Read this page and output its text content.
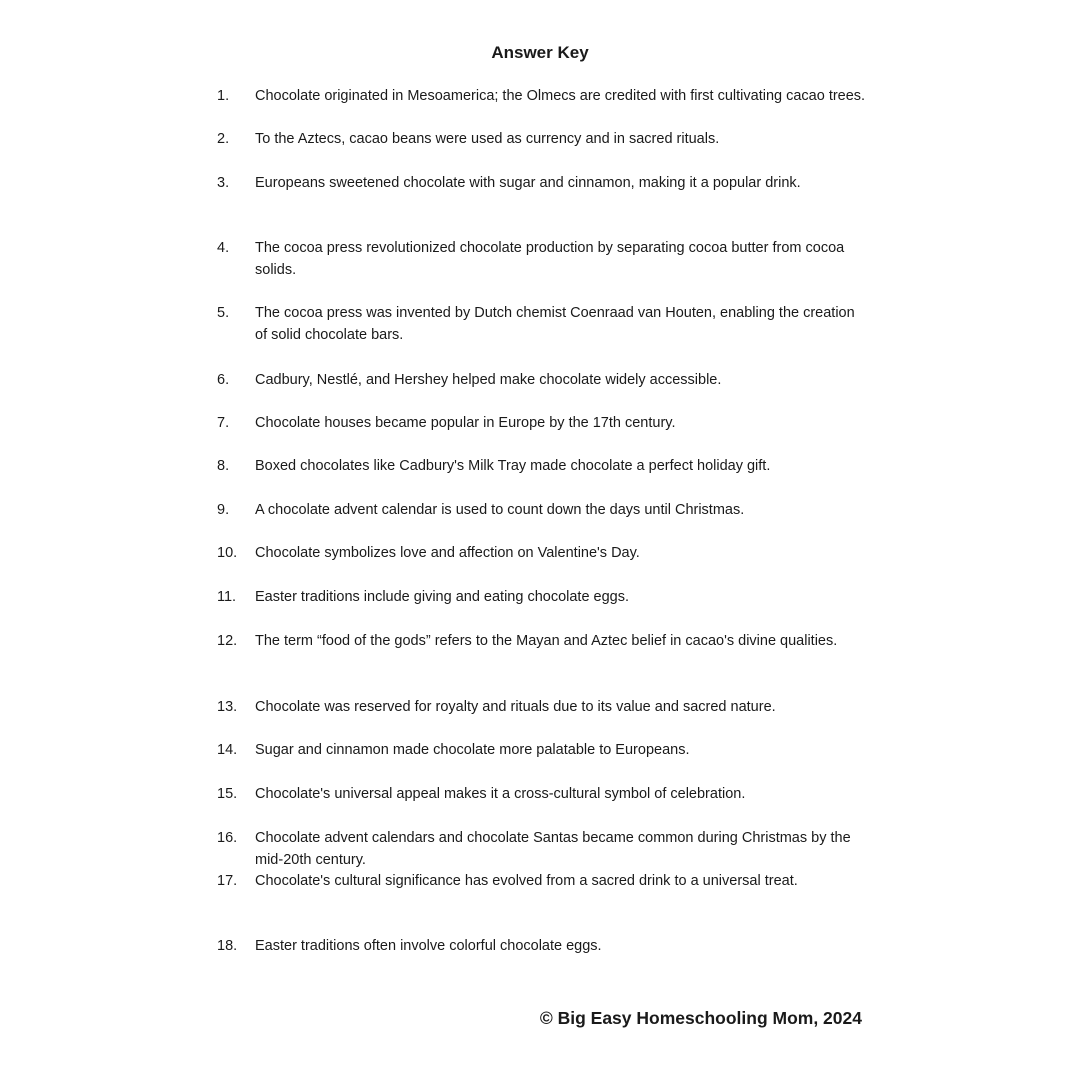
Answer Key
1.	Chocolate originated in Mesoamerica; the Olmecs are credited with first cultivating cacao trees.
2.	To the Aztecs, cacao beans were used as currency and in sacred rituals.
3.	Europeans sweetened chocolate with sugar and cinnamon, making it a popular drink.
4.	The cocoa press revolutionized chocolate production by separating cocoa butter from cocoa solids.
5.	The cocoa press was invented by Dutch chemist Coenraad van Houten, enabling the creation of solid chocolate bars.
6.	Cadbury, Nestlé, and Hershey helped make chocolate widely accessible.
7.	Chocolate houses became popular in Europe by the 17th century.
8.	Boxed chocolates like Cadbury's Milk Tray made chocolate a perfect holiday gift.
9.	A chocolate advent calendar is used to count down the days until Christmas.
10.	Chocolate symbolizes love and affection on Valentine's Day.
11.	Easter traditions include giving and eating chocolate eggs.
12.	The term “food of the gods” refers to the Mayan and Aztec belief in cacao's divine qualities.
13.	Chocolate was reserved for royalty and rituals due to its value and sacred nature.
14.	Sugar and cinnamon made chocolate more palatable to Europeans.
15.	Chocolate's universal appeal makes it a cross-cultural symbol of celebration.
16.	Chocolate advent calendars and chocolate Santas became common during Christmas by the mid-20th century.
17.	Chocolate's cultural significance has evolved from a sacred drink to a universal treat.
18.	Easter traditions often involve colorful chocolate eggs.
© Big Easy Homeschooling Mom, 2024
